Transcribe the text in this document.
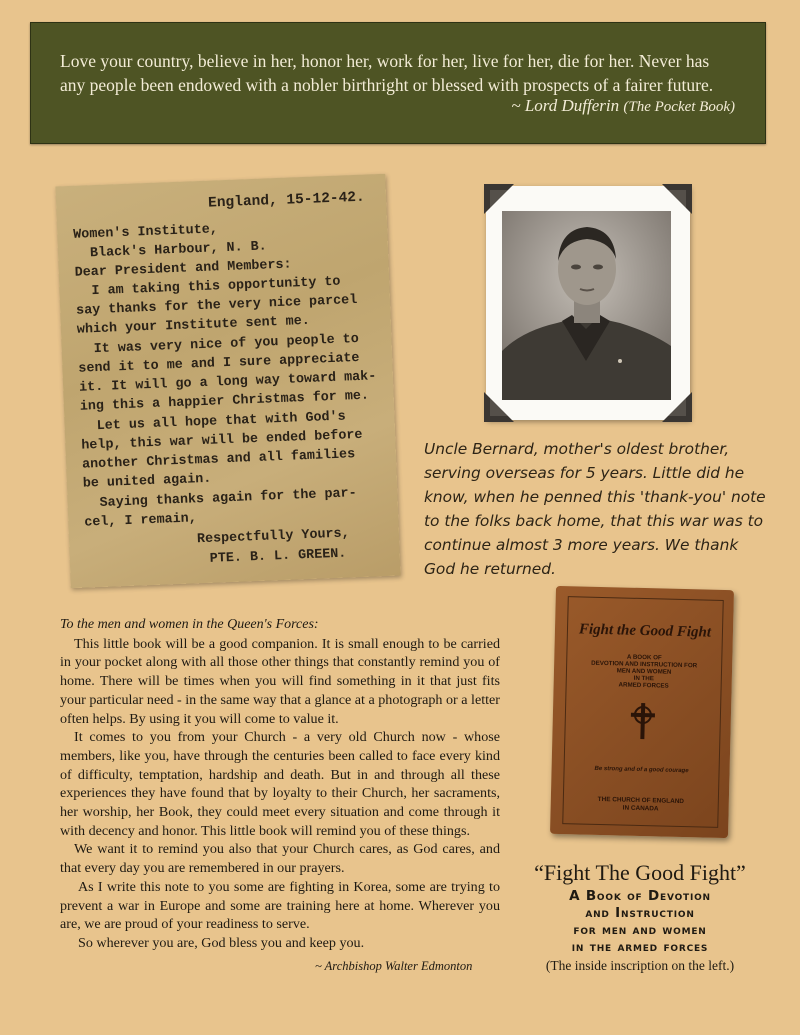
Love your country, believe in her, honor her, work for her, live for her, die for her. Never has any people been endowed with a nobler birthright or blessed with prospects of a fairer future.

~ Lord Dufferin (The Pocket Book)
England, 15-12-42.
Women's Institute,
Black's Harbour, N. B.
Dear President and Members:
I am taking this opportunity to
say thanks for the very nice parcel
which your Institute sent me.
It was very nice of you people to
send it to me and I sure appreciate
it. It will go a long way toward mak-
ing this a happier Christmas for me.
Let us all hope that with God's
help, this war will be ended before
another Christmas and all families
be united again.
Saying thanks again for the par-
cel, I remain,
Respectfully Yours,
PTE. B. L. GREEN.
Uncle Bernard, mother's oldest brother, serving overseas for 5 years. Little did he know, when he penned this 'thank-you' note to the folks back home, that this war was to continue almost 3 more years. We thank God he returned.

To the men and women in the Queen's Forces:

This little book will be a good companion. It is small enough to be carried in your pocket along with all those other things that constantly remind you of home. There will be times when you will find something in it that just fits your particular need - in the same way that a glance at a photograph or a letter often helps. By using it you will come to value it.

It comes to you from your Church - a very old Church now - whose members, like you, have through the centuries been called to face every kind of difficulty, temptation, hardship and death. But in and through all these experiences they have found that by loyalty to their Church, her sacraments, her worship, her Book, they could meet every situation and come through it with decency and honor. This little book will remind you of these things.

We want it to remind you also that your Church cares, as God cares, and that every day you are remembered in our prayers.

As I write this note to you some are fighting in Korea, some are trying to prevent a war in Europe and some are training here at home. Wherever you are, we are proud of your readiness to serve.

So wherever you are, God bless you and keep you.

~ Archbishop Walter Edmonton
Fight the Good Fight
A BOOK OF
DEVOTION AND INSTRUCTION FOR
MEN AND WOMEN
IN THE
ARMED FORCES
Be strong and of a good courage
THE CHURCH OF ENGLAND
IN CANADA
“Fight The Good Fight”
A Book of Devotion
and Instruction
for men and women
in the armed forces
(The inside inscription on the left.)
